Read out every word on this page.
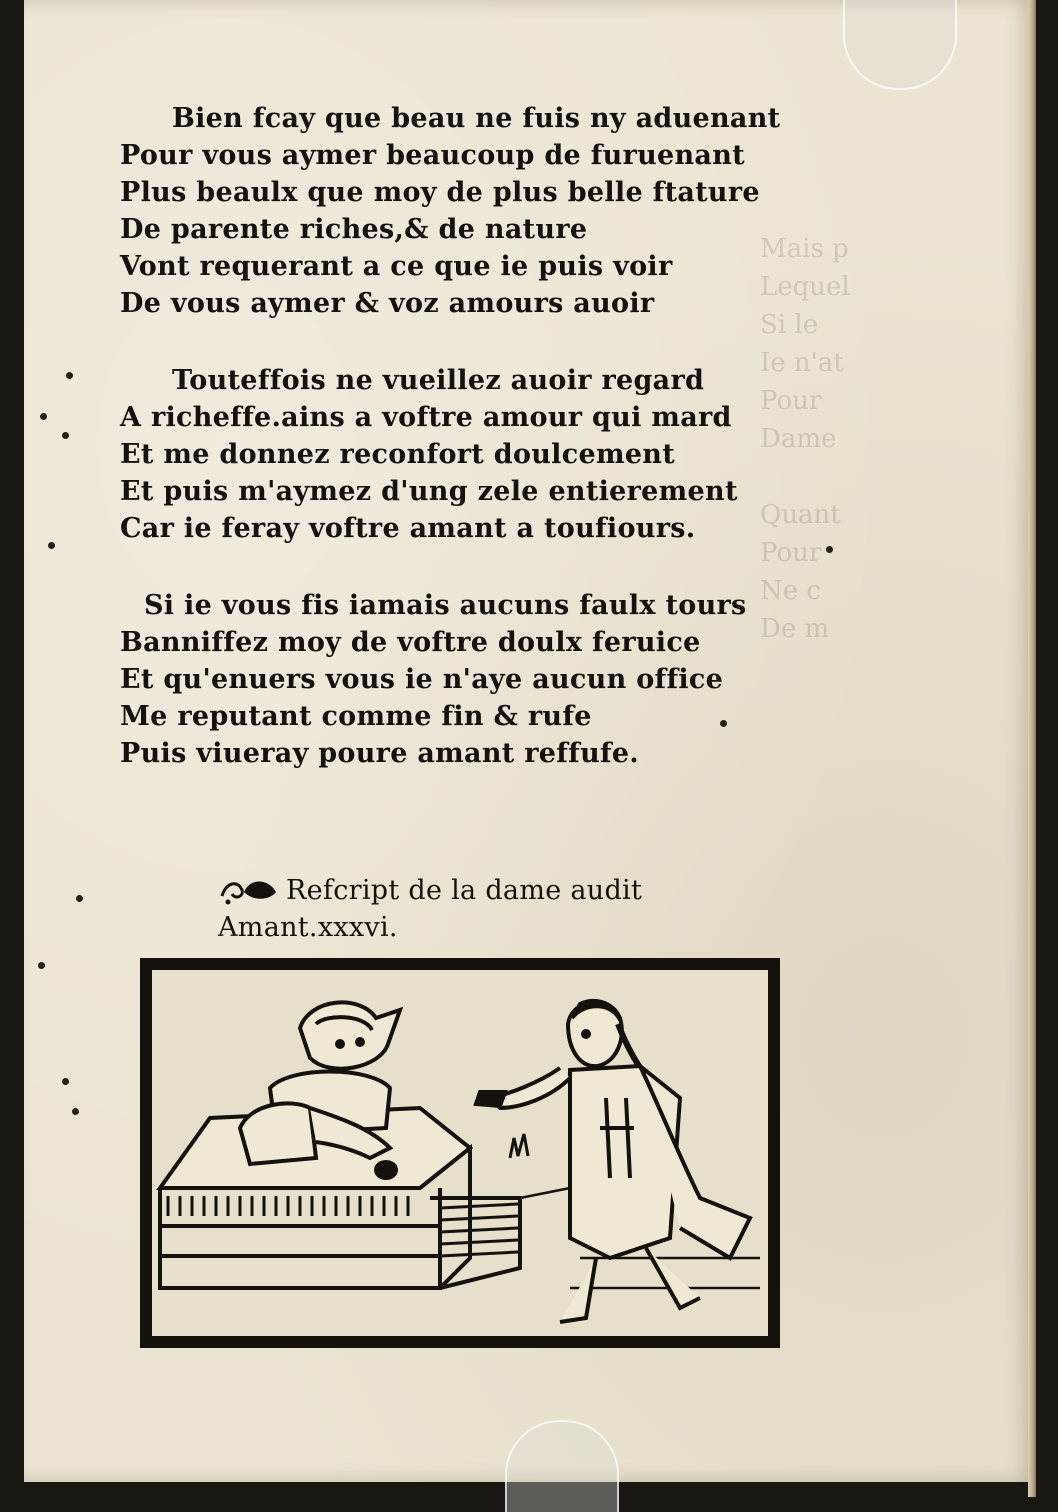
Mais p
Lequel
Si le
Ie n'at
Pour
Dame

Quant
Pour
Ne c
De m
Bien fcay que beau ne fuis ny aduenant
Pour vous aymer beaucoup de furuenant
Plus beaulx que moy de plus belle ftature
De parente riches,& de nature
Vont requerant a ce que ie puis voir
De vous aymer & voz amours auoir
Touteffois ne vueillez auoir regard
A richeffe.ains a voftre amour qui mard
Et me donnez reconfort doulcement
Et puis m'aymez d'ung zele entierement
Car ie feray voftre amant a toufiours.
Si ie vous fis iamais aucuns faulx tours
Banniffez moy de voftre doulx feruice
Et qu'enuers vous ie n'aye aucun office
Me reputant comme fin & rufe
Puis viueray poure amant reffufe.
Refcript de la dame audit
Amant.xxxvi.
